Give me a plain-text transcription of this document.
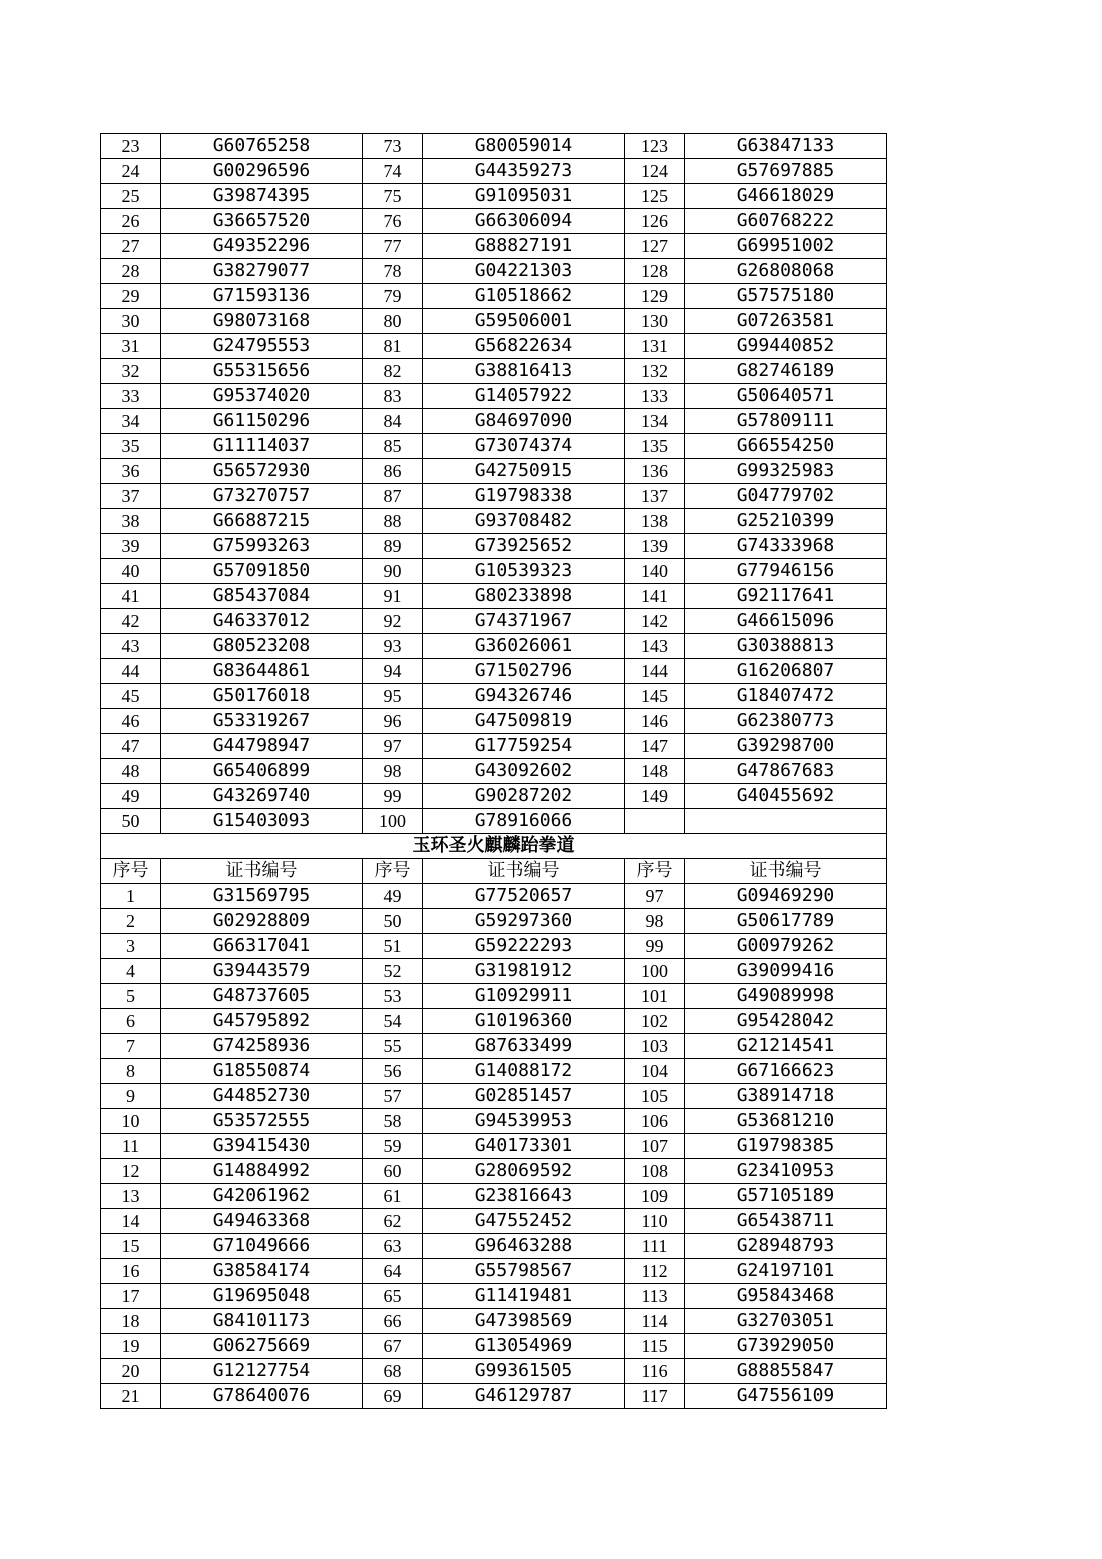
23	G60765258	73	G80059014	123	G63847133
24	G00296596	74	G44359273	124	G57697885
25	G39874395	75	G91095031	125	G46618029
26	G36657520	76	G66306094	126	G60768222
27	G49352296	77	G88827191	127	G69951002
28	G38279077	78	G04221303	128	G26808068
29	G71593136	79	G10518662	129	G57575180
30	G98073168	80	G59506001	130	G07263581
31	G24795553	81	G56822634	131	G99440852
32	G55315656	82	G38816413	132	G82746189
33	G95374020	83	G14057922	133	G50640571
34	G61150296	84	G84697090	134	G57809111
35	G11114037	85	G73074374	135	G66554250
36	G56572930	86	G42750915	136	G99325983
37	G73270757	87	G19798338	137	G04779702
38	G66887215	88	G93708482	138	G25210399
39	G75993263	89	G73925652	139	G74333968
40	G57091850	90	G10539323	140	G77946156
41	G85437084	91	G80233898	141	G92117641
42	G46337012	92	G74371967	142	G46615096
43	G80523208	93	G36026061	143	G30388813
44	G83644861	94	G71502796	144	G16206807
45	G50176018	95	G94326746	145	G18407472
46	G53319267	96	G47509819	146	G62380773
47	G44798947	97	G17759254	147	G39298700
48	G65406899	98	G43092602	148	G47867683
49	G43269740	99	G90287202	149	G40455692
50	G15403093	100	G78916066		
玉环圣火麒麟跆拳道					
序号	证书编号	序号	证书编号	序号	证书编号
1	G31569795	49	G77520657	97	G09469290
2	G02928809	50	G59297360	98	G50617789
3	G66317041	51	G59222293	99	G00979262
4	G39443579	52	G31981912	100	G39099416
5	G48737605	53	G10929911	101	G49089998
6	G45795892	54	G10196360	102	G95428042
7	G74258936	55	G87633499	103	G21214541
8	G18550874	56	G14088172	104	G67166623
9	G44852730	57	G02851457	105	G38914718
10	G53572555	58	G94539953	106	G53681210
11	G39415430	59	G40173301	107	G19798385
12	G14884992	60	G28069592	108	G23410953
13	G42061962	61	G23816643	109	G57105189
14	G49463368	62	G47552452	110	G65438711
15	G71049666	63	G96463288	111	G28948793
16	G38584174	64	G55798567	112	G24197101
17	G19695048	65	G11419481	113	G95843468
18	G84101173	66	G47398569	114	G32703051
19	G06275669	67	G13054969	115	G73929050
20	G12127754	68	G99361505	116	G88855847
21	G78640076	69	G46129787	117	G47556109
